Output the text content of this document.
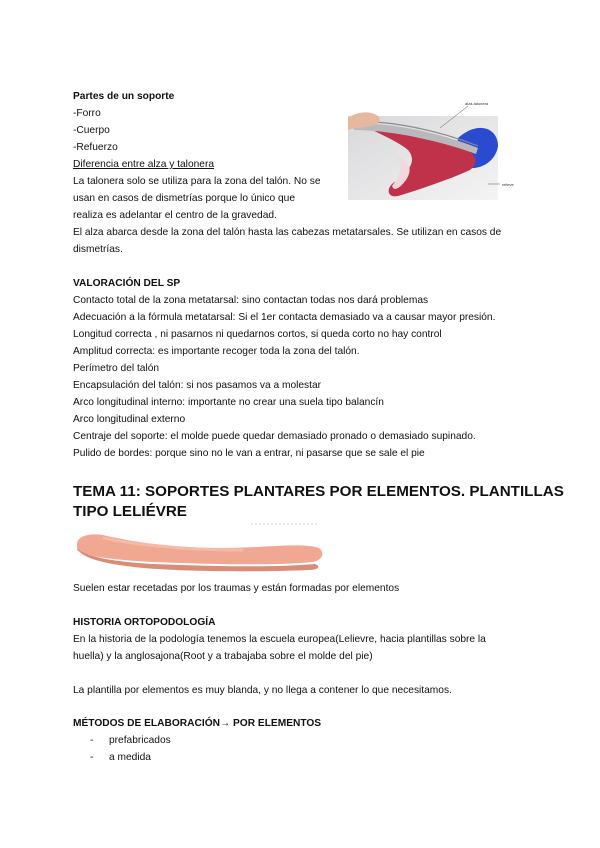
Partes de un soporte
-Forro
-Cuerpo
-Refuerzo
Diferencia entre alza y talonera
La talonera solo se utiliza para la zona del talón. No se
usan en casos de dismetrías porque lo único que
realiza es adelantar el centro de la gravedad.
El alza abarca desde la zona del talón hasta las cabezas metatarsales. Se utilizan en casos de
dismetrías.
alza-talonera
relieve
VALORACIÓN DEL SP
Contacto total de la zona metatarsal: sino contactan todas nos dará problemas
Adecuación a la fórmula metatarsal: Si el 1er contacta demasiado va a causar mayor presión.
Longitud correcta , ni pasarnos ni quedarnos cortos, si queda corto no hay control
Amplitud correcta: es importante recoger toda la zona del talón.
Perímetro del talón
Encapsulación del talón: si nos pasamos va a molestar
Arco longitudinal interno: importante no crear una suela tipo balancín
Arco longitudinal externo
Centraje del soporte: el molde puede quedar demasiado pronado o demasiado supinado.
Pulido de bordes: porque sino no le van a entrar, ni pasarse que se sale el pie
TEMA 11: SOPORTES PLANTARES POR ELEMENTOS. PLANTILLAS
TIPO LELIÉVRE
Suelen estar recetadas por los traumas y están formadas por elementos
HISTORIA ORTOPODOLOGÍA
En la historia de la podología tenemos la escuela europea(Lelievre, hacia plantillas sobre la
huella) y la anglosajona(Root y a trabajaba sobre el molde del pie)
La plantilla por elementos es muy blanda, y no llega a contener lo que necesitamos.
MÉTODOS DE ELABORACIÓN→ POR ELEMENTOS
- prefabricados
- a medida
